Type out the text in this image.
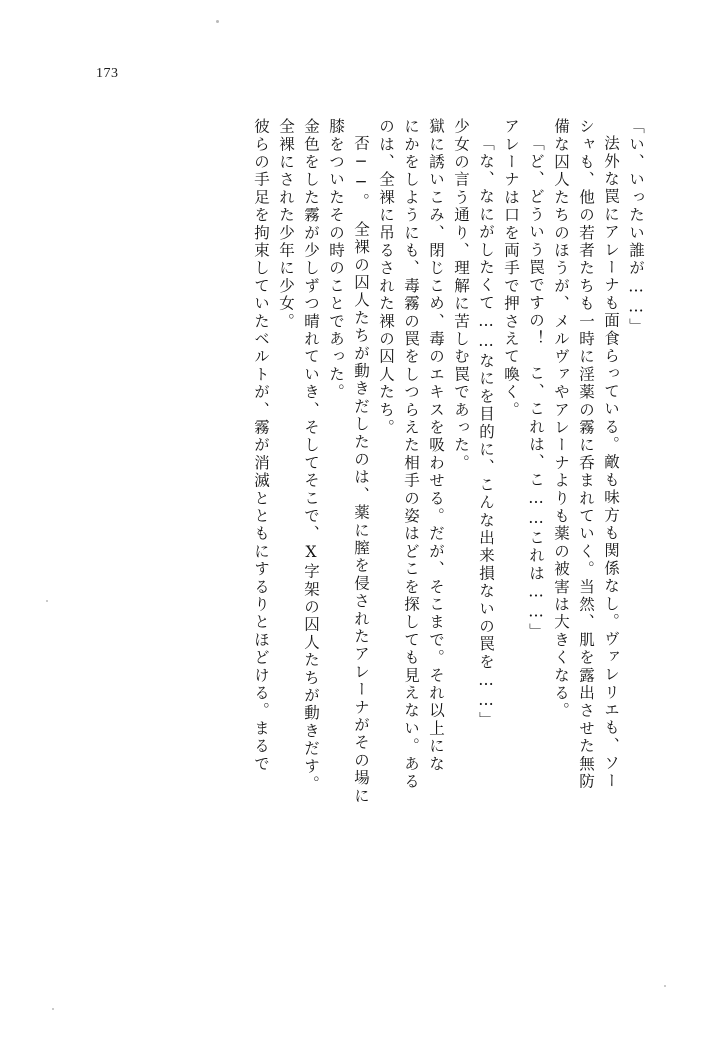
173
「い、いったい誰が……」
法外な罠にアレーナも面食らっている。敵も味方も関係なし。ヴァレリエも、ソー
シャも、他の若者たちも一時に淫薬の霧に呑まれていく。当然、肌を露出させた無防
備な囚人たちのほうが、メルヴァやアレーナよりも薬の被害は大きくなる。
「ど、どういう罠ですの！　こ、これは、こ……これは……」
アレーナは口を両手で押さえて喚く。
「な、なにがしたくて……なにを目的に、こんな出来損ないの罠を……」
少女の言う通り、理解に苦しむ罠であった。
獄に誘いこみ、閉じこめ、毒のエキスを吸わせる。だが、そこまで。それ以上にな
にかをしようにも、毒霧の罠をしつらえた相手の姿はどこを探しても見えない。ある
のは、全裸に吊るされた裸の囚人たち。
否──。　全裸の囚人たちが動きだしたのは、薬に膣を侵されたアレーナがその場に
膝をついたその時のことであった。
金色をした霧が少しずつ晴れていき、そしてそこで、X字架の囚人たちが動きだす。
全裸にされた少年に少女。
彼らの手足を拘束していたベルトが、霧が消滅とともにするりとほどける。まるで
